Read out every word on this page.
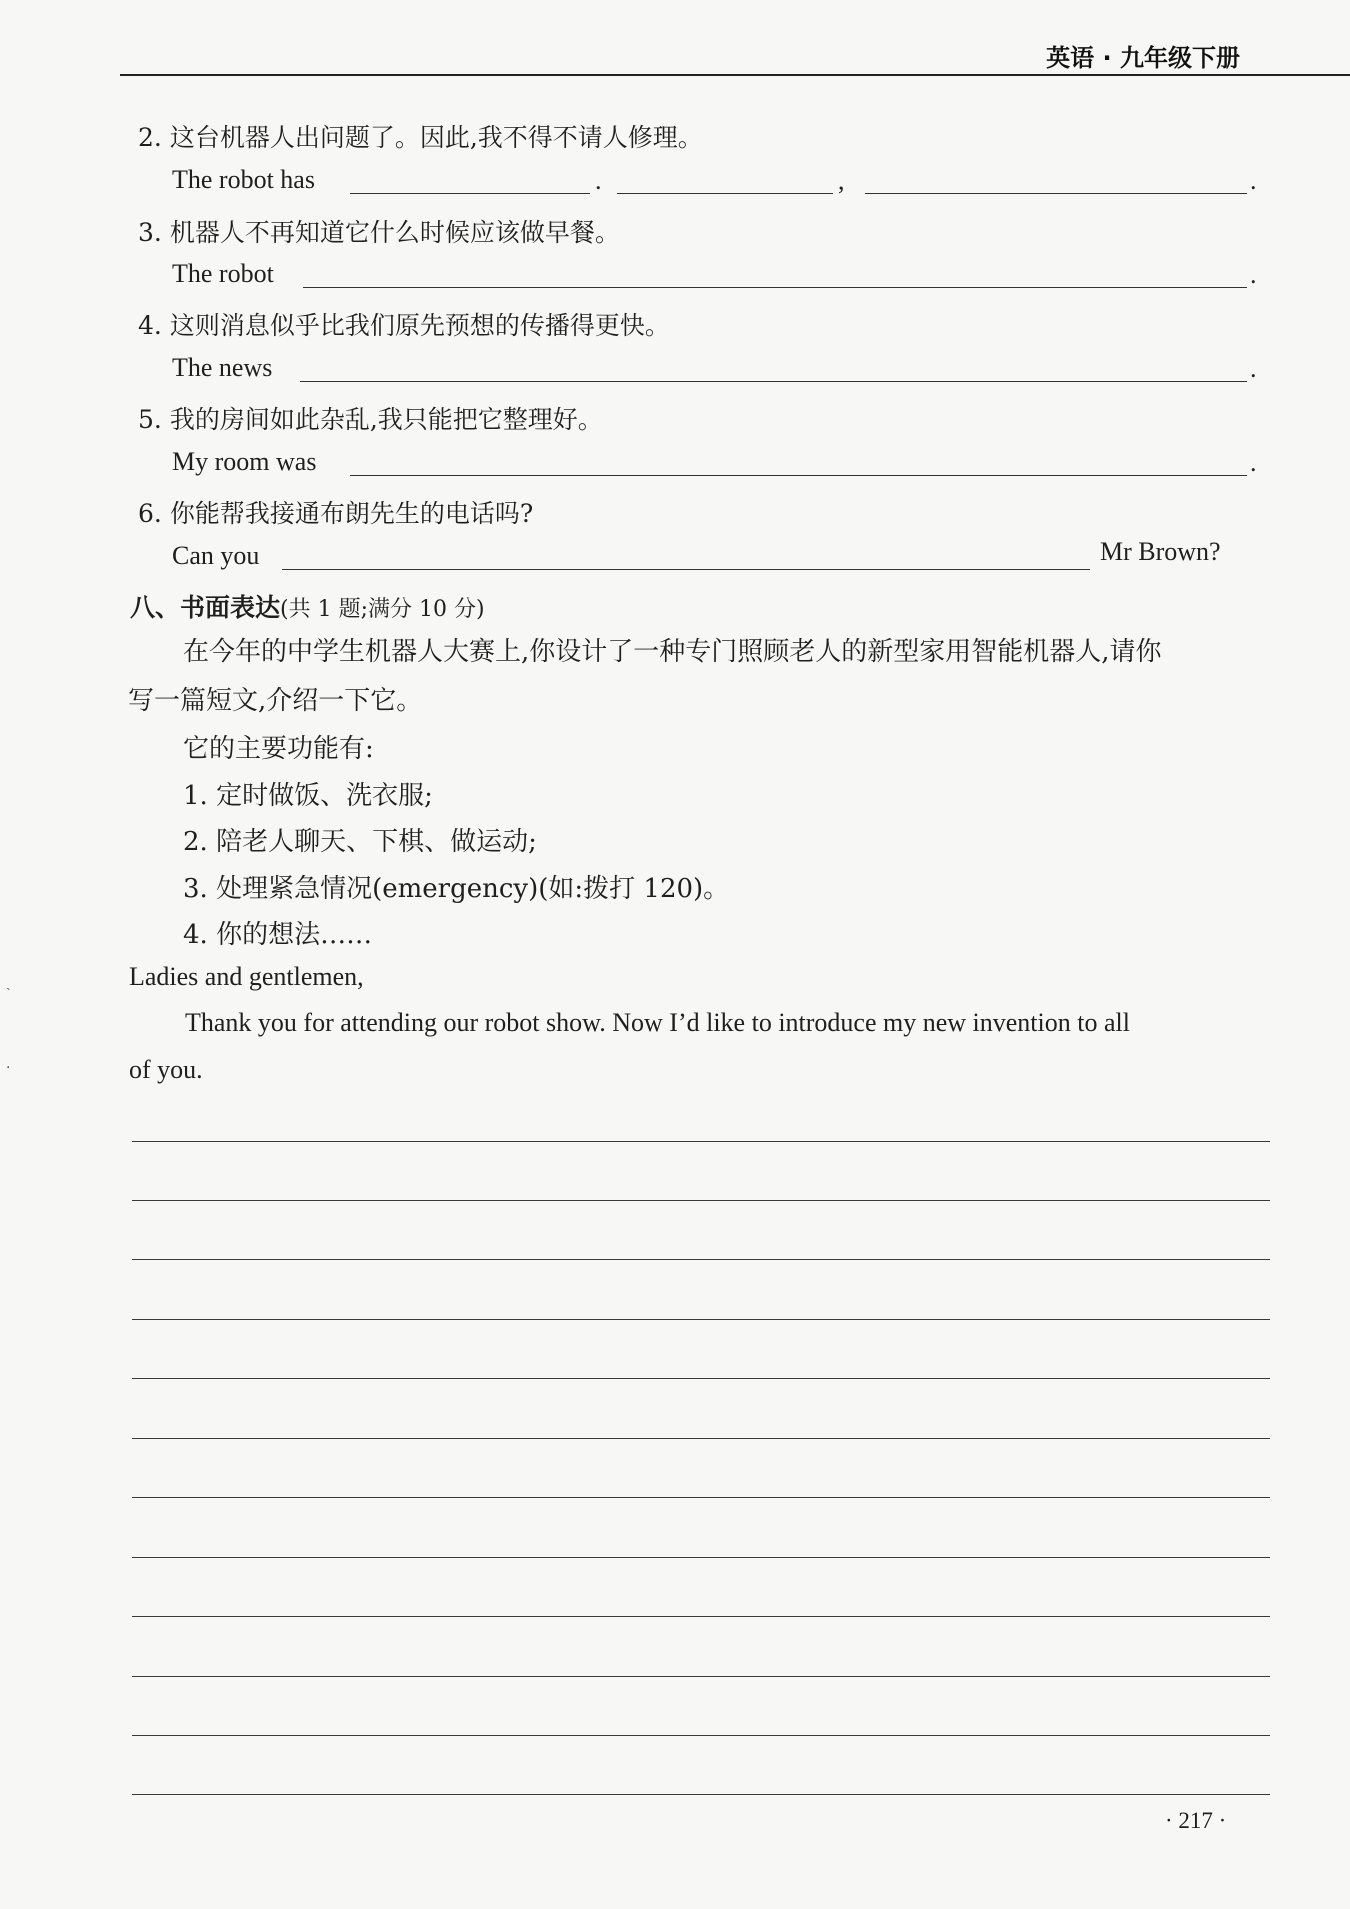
英语 · 九年级下册
2. 这台机器人出问题了。因此,我不得不请人修理。
The robot has	.	,	.
3. 机器人不再知道它什么时候应该做早餐。
The robot	.
4. 这则消息似乎比我们原先预想的传播得更快。
The news	.
5. 我的房间如此杂乱,我只能把它整理好。
My room was	.
6. 你能帮我接通布朗先生的电话吗?
Can you	Mr Brown?
八、书面表达(共 1 题;满分 10 分)
在今年的中学生机器人大赛上,你设计了一种专门照顾老人的新型家用智能机器人,请你
写一篇短文,介绍一下它。
它的主要功能有:
1. 定时做饭、洗衣服;
2. 陪老人聊天、下棋、做运动;
3. 处理紧急情况(emergency)(如:拨打 120)。
4. 你的想法……
Ladies and gentlemen,
Thank you for attending our robot show. Now I’d like to introduce my new invention to all
of you.
ˏ
·
· 217 ·
